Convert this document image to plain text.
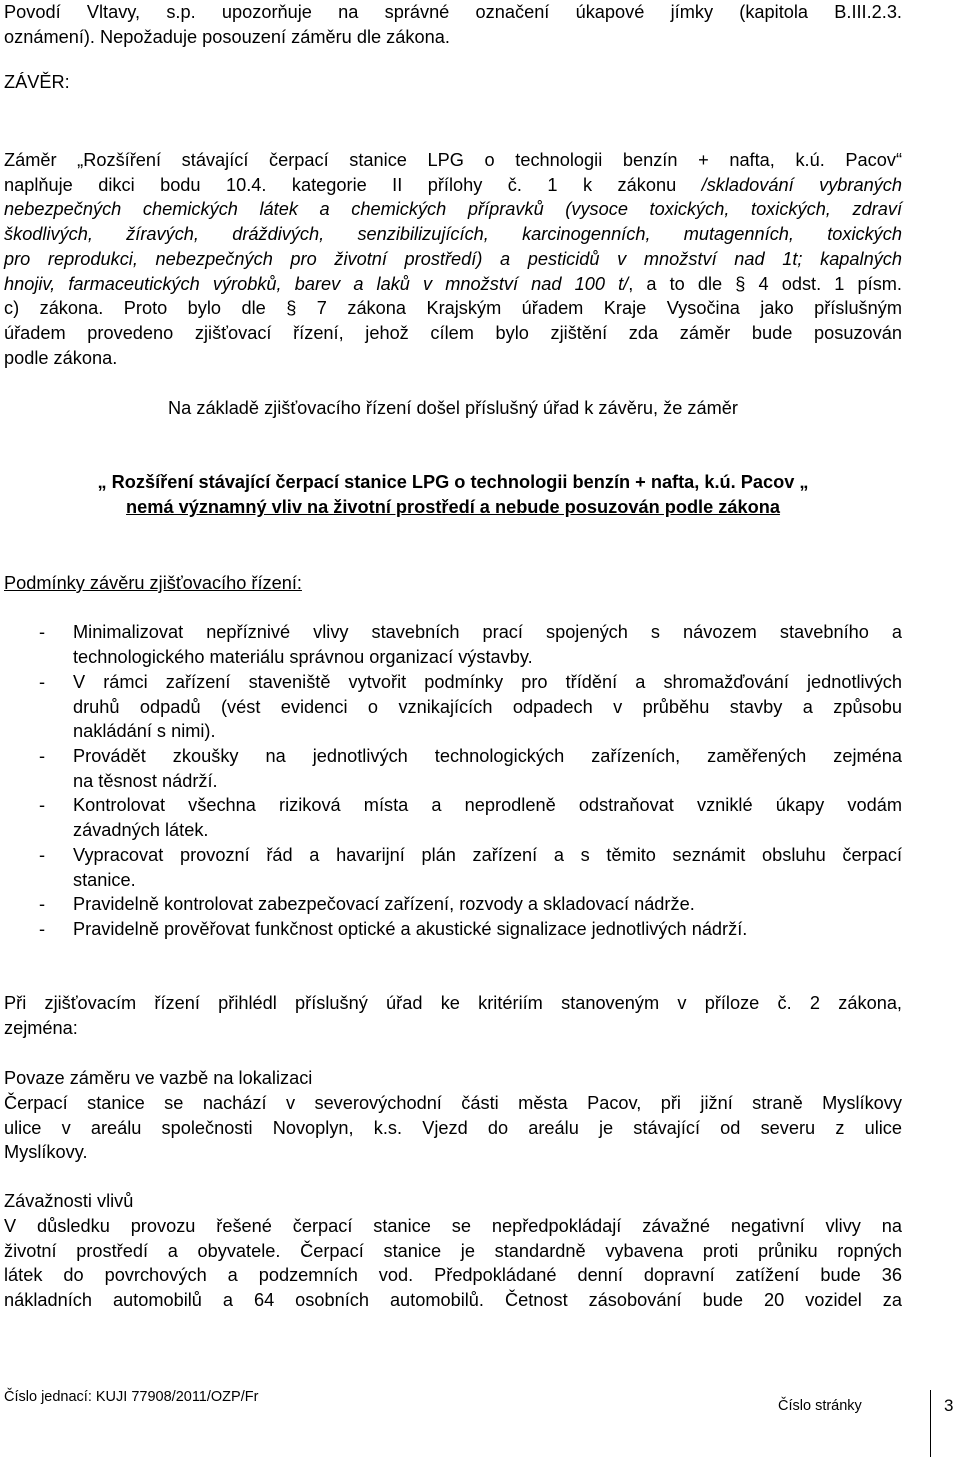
Povodí Vltavy, s.p. upozorňuje na správné označení úkapové jímky (kapitola B.III.2.3.
oznámení). Nepožaduje posouzení záměru dle zákona.
ZÁVĚR:
Záměr „Rozšíření stávající čerpací stanice LPG o technologii benzín + nafta, k.ú. Pacov“
naplňuje dikci bodu 10.4. kategorie II přílohy č. 1 k zákonu /skladování vybraných
nebezpečných chemických látek a chemických přípravků (vysoce toxických, toxických, zdraví
škodlivých, žíravých, dráždivých, senzibilizujících, karcinogenních, mutagenních, toxických
pro reprodukci, nebezpečných pro životní prostředí) a pesticidů v množství nad 1t; kapalných
hnojiv, farmaceutických výrobků, barev a laků v množství nad 100 t/, a to dle § 4 odst. 1 písm.
c) zákona. Proto bylo dle § 7 zákona Krajským úřadem Kraje Vysočina jako příslušným
úřadem provedeno zjišťovací řízení, jehož cílem bylo zjištění zda záměr bude posuzován
podle zákona.
Na základě zjišťovacího řízení došel příslušný úřad k závěru, že záměr
„ Rozšíření stávající čerpací stanice LPG o technologii benzín + nafta, k.ú. Pacov „
nemá významný vliv na životní prostředí a nebude posuzován podle zákona
Podmínky závěru zjišťovacího řízení:
- Minimalizovat nepříznivé vlivy stavebních prací spojených s návozem stavebního a
technologického materiálu správnou organizací výstavby.
- V rámci zařízení staveniště vytvořit podmínky pro třídění a shromažďování jednotlivých
druhů odpadů (vést evidenci o vznikajících odpadech v průběhu stavby a způsobu
nakládání s nimi).
- Provádět zkoušky na jednotlivých technologických zařízeních, zaměřených zejména
na těsnost nádrží.
- Kontrolovat všechna riziková místa a neprodleně odstraňovat vzniklé úkapy vodám
závadných látek.
- Vypracovat provozní řád a havarijní plán zařízení a s těmito seznámit obsluhu čerpací
stanice.
- Pravidelně kontrolovat zabezpečovací zařízení, rozvody a skladovací nádrže.
- Pravidelně prověřovat funkčnost optické a akustické signalizace jednotlivých nádrží.
Při zjišťovacím řízení přihlédl příslušný úřad ke kritériím stanoveným v příloze č. 2 zákona,
zejména:
Povaze záměru ve vazbě na lokalizaci
Čerpací stanice se nachází v severovýchodní části města Pacov, při jižní straně Myslíkovy
ulice v areálu společnosti Novoplyn, k.s. Vjezd do areálu je stávající od severu z ulice
Myslíkovy.
Závažnosti vlivů
V důsledku provozu řešené čerpací stanice se nepředpokládají závažné negativní vlivy na
životní prostředí a obyvatele. Čerpací stanice je standardně vybavena proti průniku ropných
látek do povrchových a podzemních vod. Předpokládané denní dopravní zatížení bude 36
nákladních automobilů a 64 osobních automobilů. Četnost zásobování bude 20 vozidel za
Číslo jednací: KUJI 77908/2011/OZP/Fr
Číslo stránky	3
